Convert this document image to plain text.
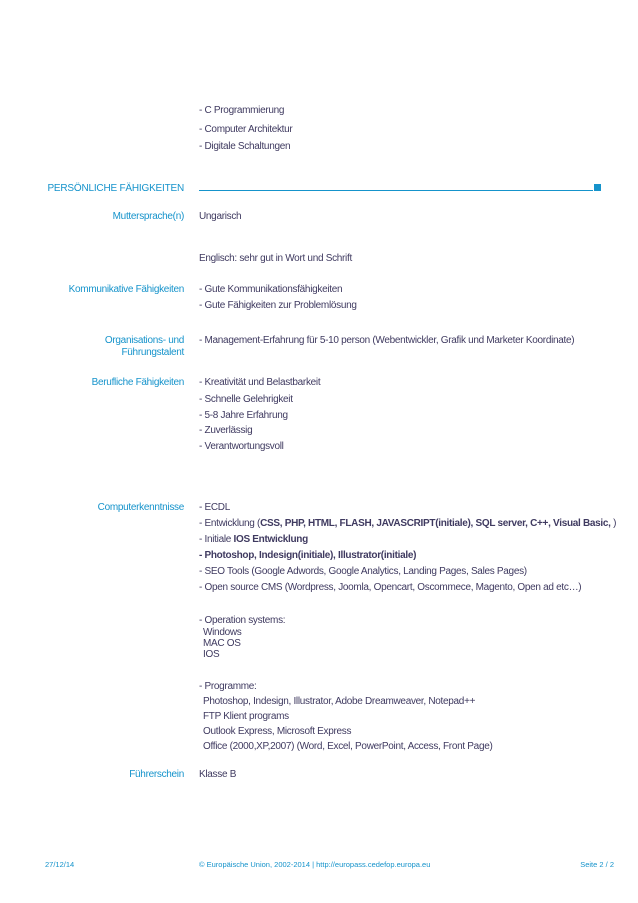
- C Programmierung
- Computer Architektur
- Digitale Schaltungen
PERSÖNLICHE FÄHIGKEITEN
Muttersprache(n) Ungarisch
Englisch: sehr gut in Wort und Schrift
Kommunikative Fähigkeiten - Gute Kommunikationsfähigkeiten
- Gute Fähigkeiten zur Problemlösung
Organisations- und
Führungstalent
- Management-Erfahrung für 5-10 person (Webentwickler, Grafik und Marketer Koordinate)
Berufliche Fähigkeiten - Kreativität und Belastbarkeit
- Schnelle Gelehrigkeit
- 5-8 Jahre Erfahrung
- Zuverlässig
- Verantwortungsvoll
Computerkenntnisse - ECDL
- Entwicklung (CSS, PHP, HTML, FLASH, JAVASCRIPT(initiale), SQL server, C++, Visual Basic, )
- Initiale IOS Entwicklung
- Photoshop, Indesign(initiale), Illustrator(initiale)
- SEO Tools (Google Adwords, Google Analytics, Landing Pages, Sales Pages)
- Open source CMS (Wordpress, Joomla, Opencart, Oscommece, Magento, Open ad etc…)
- Operation systems:
Windows
MAC OS
IOS
- Programme:
Photoshop, Indesign, Illustrator, Adobe Dreamweaver, Notepad++
FTP Klient programs
Outlook Express, Microsoft Express
Office (2000,XP,2007) (Word, Excel, PowerPoint, Access, Front Page)
Führerschein Klasse B
27/12/14	© Europäische Union, 2002-2014 | http://europass.cedefop.europa.eu	Seite 2 / 2
